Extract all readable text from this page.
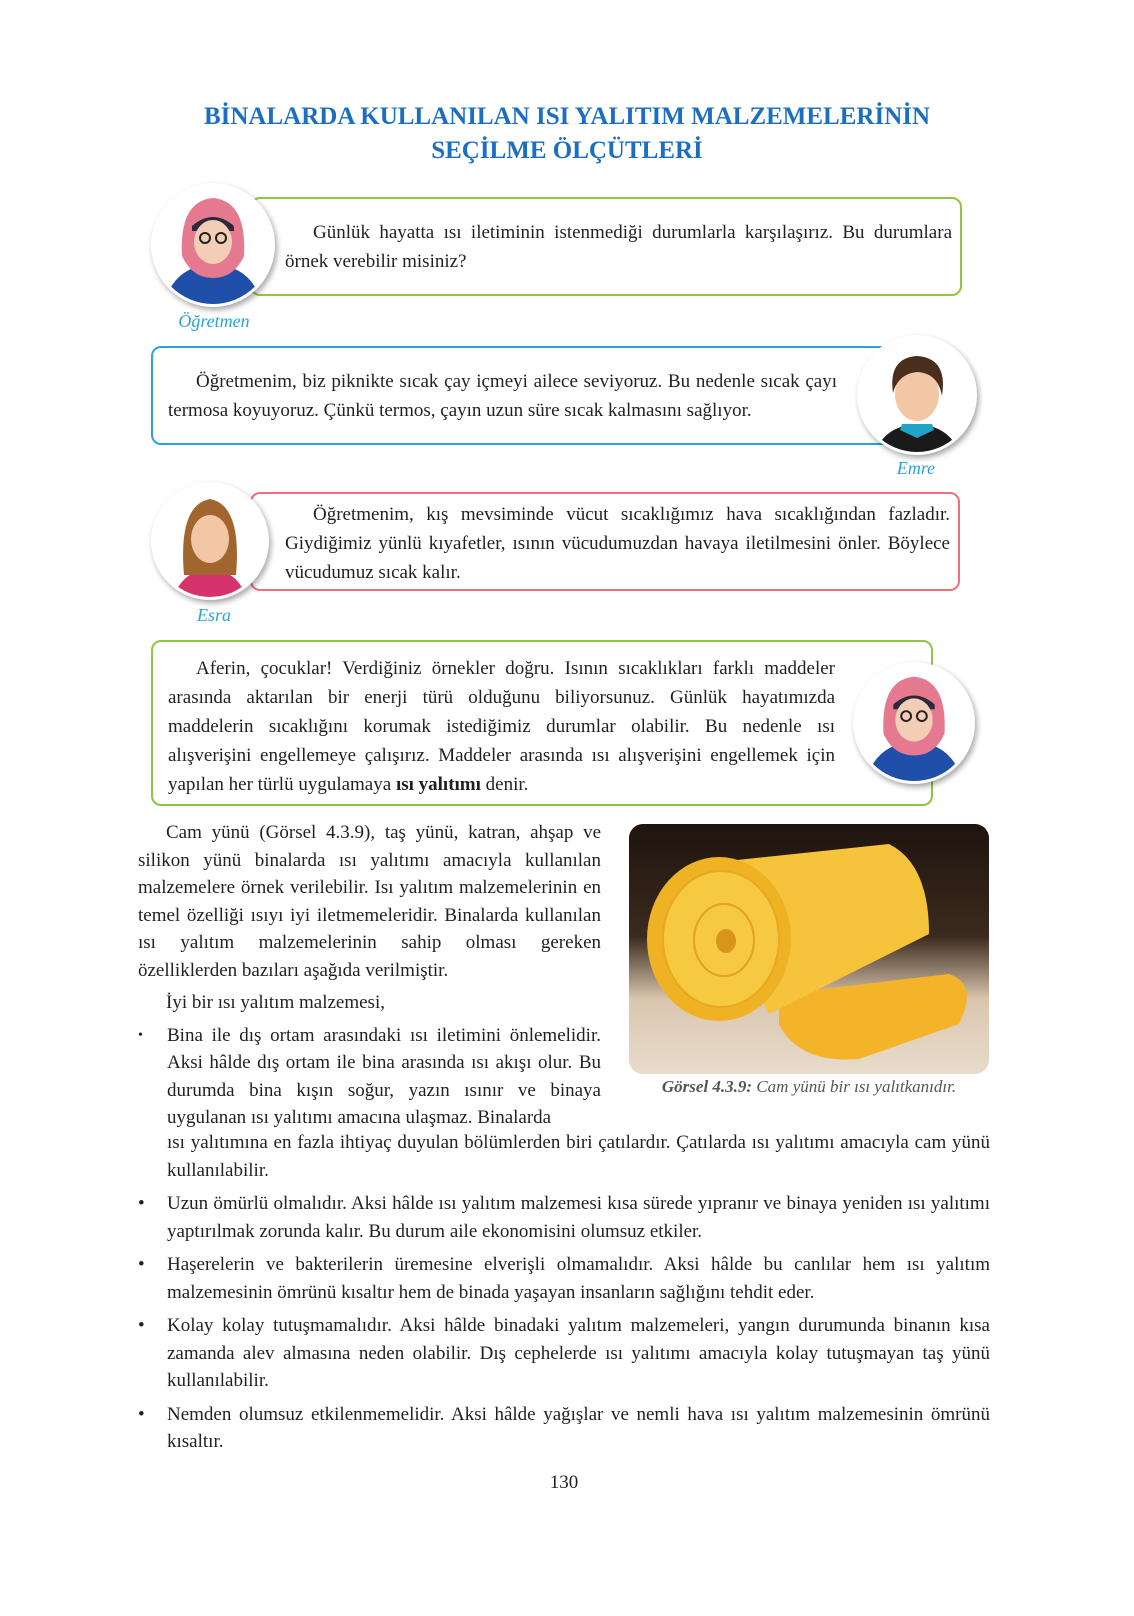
BİNALARDA KULLANILAN ISI YALITIM MALZEMELERİNİN
SEÇİLME ÖLÇÜTLERİ

Günlük hayatta ısı iletiminin istenmediği durumlarla karşılaşırız. Bu durumlara örnek verebilir misiniz?

Öğretmen

Öğretmenim, biz piknikte sıcak çay içmeyi ailece seviyoruz. Bu nedenle sıcak çayı termosa koyuyoruz. Çünkü termos, çayın uzun süre sıcak kalmasını sağlıyor.

Emre

Öğretmenim, kış mevsiminde vücut sıcaklığımız hava sıcaklığından fazladır. Giydiğimiz yünlü kıyafetler, ısının vücudumuzdan havaya iletilmesini önler. Böylece vücudumuz sıcak kalır.

Esra

Aferin, çocuklar! Verdiğiniz örnekler doğru. Isının sıcaklıkları farklı maddeler arasında aktarılan bir enerji türü olduğunu biliyorsunuz. Günlük hayatımızda maddelerin sıcaklığını korumak istediğimiz durumlar olabilir. Bu nedenle ısı alışverişini engellemeye çalışırız. Maddeler arasında ısı alışverişini engellemek için yapılan her türlü uygulamaya ısı yalıtımı denir.

Cam yünü (Görsel 4.3.9), taş yünü, katran, ahşap ve silikon yünü binalarda ısı yalıtımı amacıyla kullanılan malzemelere örnek verilebilir. Isı yalıtım malzemelerinin en temel özelliği ısıyı iyi iletmemeleridir. Binalarda kullanılan ısı yalıtım malzemelerinin sahip olması gereken özelliklerden bazıları aşağıda verilmiştir.

İyi bir ısı yalıtım malzemesi,

• Bina ile dış ortam arasındaki ısı iletimini önlemelidir. Aksi hâlde dış ortam ile bina arasında ısı akışı olur. Bu durumda bina kışın soğur, yazın ısınır ve binaya uygulanan ısı yalıtımı amacına ulaşmaz. Binalarda

Görsel 4.3.9: Cam yünü bir ısı yalıtkanıdır.

ısı yalıtımına en fazla ihtiyaç duyulan bölümlerden biri çatılardır. Çatılarda ısı yalıtımı amacıyla cam yünü kullanılabilir.

• Uzun ömürlü olmalıdır. Aksi hâlde ısı yalıtım malzemesi kısa sürede yıpranır ve binaya yeniden ısı yalıtımı yaptırılmak zorunda kalır. Bu durum aile ekonomisini olumsuz etkiler.
• Haşerelerin ve bakterilerin üremesine elverişli olmamalıdır. Aksi hâlde bu canlılar hem ısı yalıtım malzemesinin ömrünü kısaltır hem de binada yaşayan insanların sağlığını tehdit eder.
• Kolay kolay tutuşmamalıdır. Aksi hâlde binadaki yalıtım malzemeleri, yangın durumunda binanın kısa zamanda alev almasına neden olabilir. Dış cephelerde ısı yalıtımı amacıyla kolay tutuşmayan taş yünü kullanılabilir.
• Nemden olumsuz etkilenmemelidir. Aksi hâlde yağışlar ve nemli hava ısı yalıtım malzemesinin ömrünü kısaltır.
130
